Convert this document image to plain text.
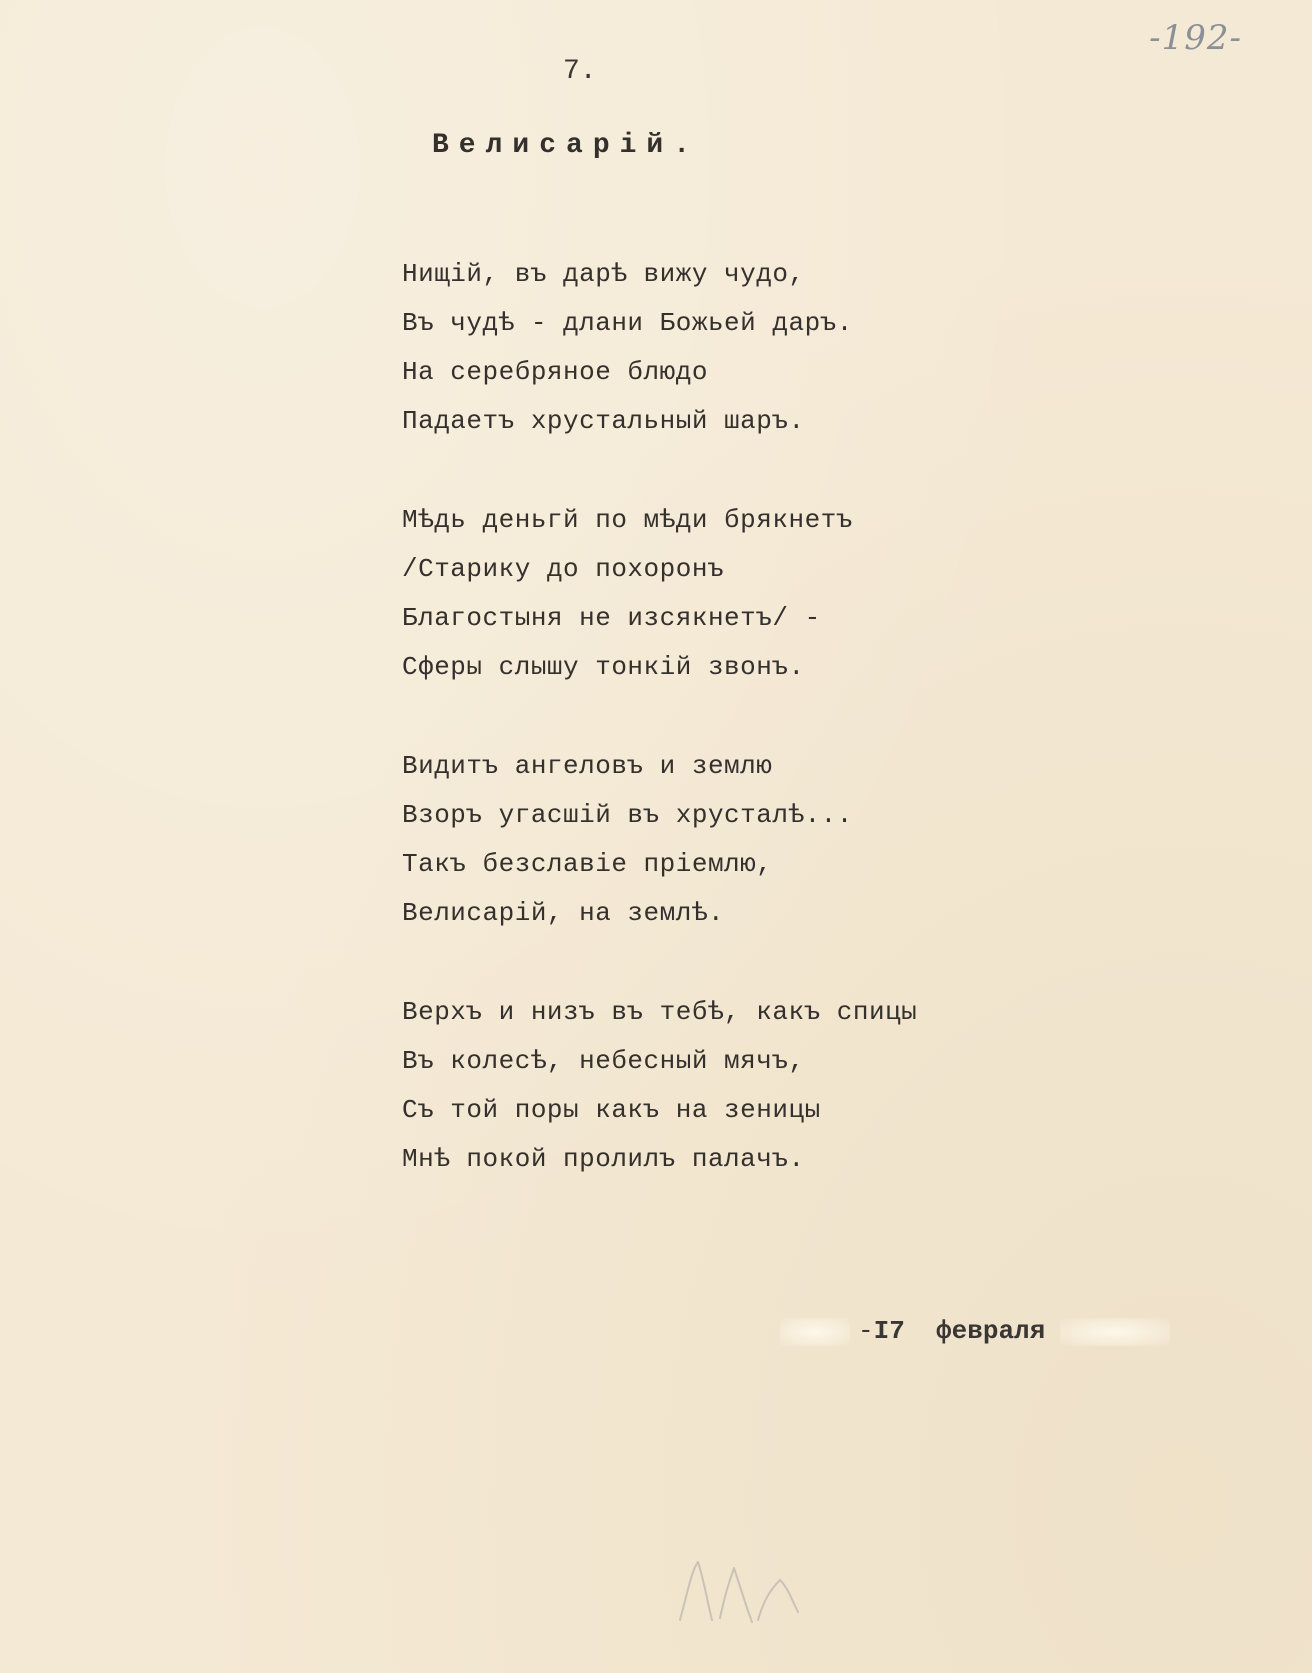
-192-
7.
Велисарiй.
Нищiй, въ дарѣ вижу чудо,
Въ чудѣ - длани Божьей даръ.
На серебряное блюдо
Падаетъ хрустальный шаръ.
Мѣдь деньгй по мѣди брякнетъ
/Старику до похоронъ
Благостыня не изсякнетъ/ -
Сферы слышу тонкiй звонъ.
Видитъ ангеловъ и землю
Взоръ угасшiй въ хрусталѣ...
Такъ безславiе прiемлю,
Велисарiй, на землѣ.
Верхъ и низъ въ тебѣ, какъ спицы
Въ колесѣ, небесный мячъ,
Съ той поры какъ на зеницы
Мнѣ покой пролилъ палачъ.
-I7 февраля
